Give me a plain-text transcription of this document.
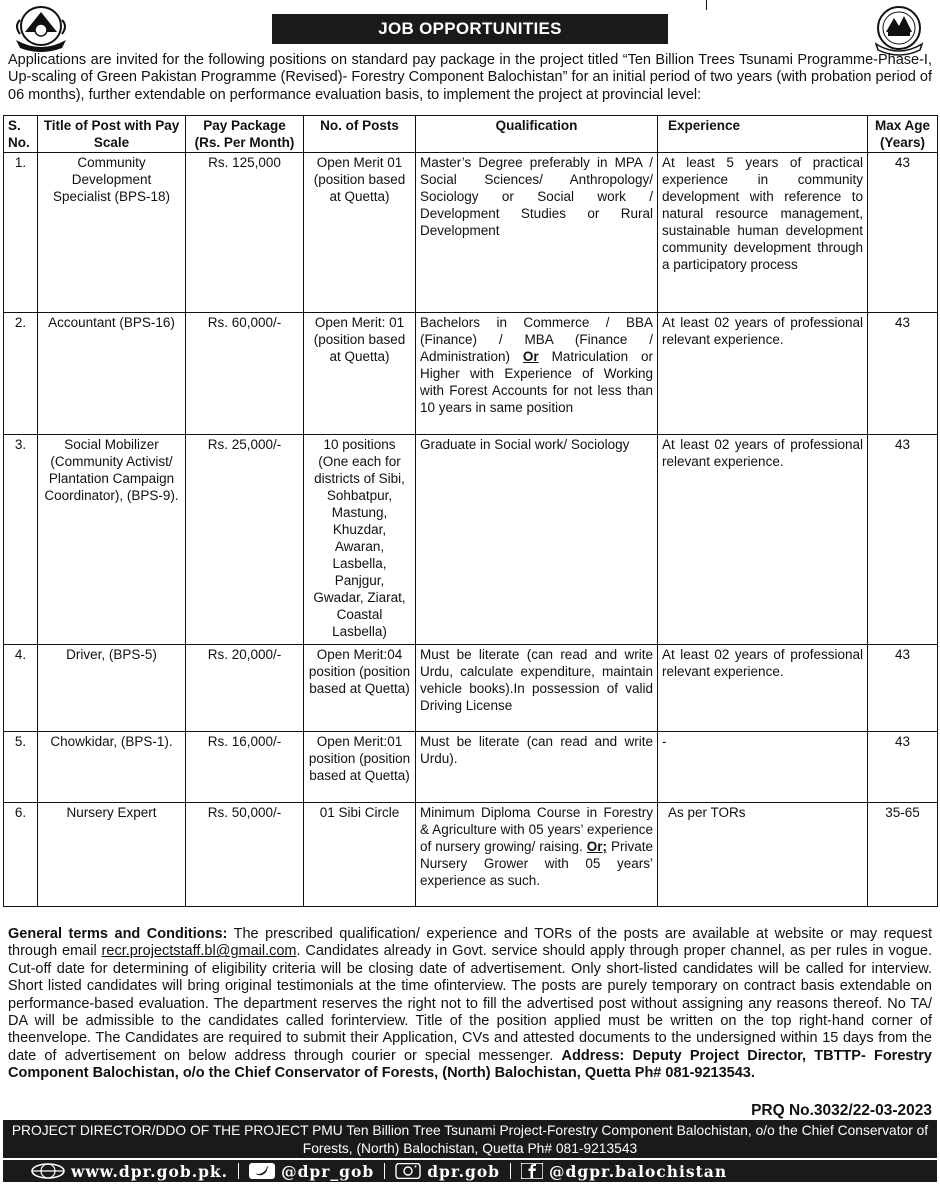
JOB OPPORTUNITIES

Applications are invited for the following positions on standard pay package in the project titled “Ten Billion Trees Tsunami Programme-Phase-I, Up-scaling of Green Pakistan Programme (Revised)- Forestry Component Balochistan” for an initial period of two years (with probation period of 06 months), further extendable on performance evaluation basis, to implement the project at provincial level:

S. No.	Title of Post with Pay Scale	Pay Package (Rs. Per Month)	No. of Posts	Qualification	Experience	Max Age (Years)
1.	Community Development Specialist (BPS-18)	Rs. 125,000	Open Merit 01 (position based at Quetta)	Master’s Degree preferably in MPA / Social Sciences/ Anthropology/ Sociology or Social work / Development Studies or Rural Development	At least 5 years of practical experience in community development with reference to natural resource management, sustainable human development community development through a participatory process	43
2.	Accountant (BPS-16)	Rs. 60,000/-	Open Merit: 01 (position based at Quetta)	Bachelors in Commerce / BBA (Finance) / MBA (Finance / Administration) Or Matriculation or Higher with Experience of Working with Forest Accounts for not less than 10 years in same position	At least 02 years of professional relevant experience.	43
3.	Social Mobilizer (Community Activist/ Plantation Campaign Coordinator), (BPS-9).	Rs. 25,000/-	10 positions (One each for districts of Sibi, Sohbatpur, Mastung, Khuzdar, Awaran, Lasbella, Panjgur, Gwadar, Ziarat, Coastal Lasbella)	Graduate in Social work/ Sociology	At least 02 years of professional relevant experience.	43
4.	Driver, (BPS-5)	Rs. 20,000/-	Open Merit:04 position (position based at Quetta)	Must be literate (can read and write Urdu, calculate expenditure, maintain vehicle books).In possession of valid Driving License	At least 02 years of professional relevant experience.	43
5.	Chowkidar, (BPS-1).	Rs. 16,000/-	Open Merit:01 position (position based at Quetta)	Must be literate (can read and write Urdu).	-	43
6.	Nursery Expert	Rs. 50,000/-	01 Sibi Circle	Minimum Diploma Course in Forestry & Agriculture with 05 years’ experience of nursery growing/ raising. Or; Private Nursery Grower with 05 years’ experience as such.	As per TORs	35-65

General terms and Conditions: The prescribed qualification/ experience and TORs of the posts are available at website or may request through email recr.projectstaff.bl@gmail.com. Candidates already in Govt. service should apply through proper channel, as per rules in vogue. Cut-off date for determining of eligibility criteria will be closing date of advertisement. Only short-listed candidates will be called for interview. Short listed candidates will bring original testimonials at the time ofinterview. The posts are purely temporary on contract basis extendable on performance-based evaluation. The department reserves the right not to fill the advertised post without assigning any reasons thereof. No TA/ DA will be admissible to the candidates called forinterview. Title of the position applied must be written on the top right-hand corner of theenvelope. The Candidates are required to submit their Application, CVs and attested documents to the undersigned within 15 days from the date of advertisement on below address through courier or special messenger. Address: Deputy Project Director, TBTTP- Forestry Component Balochistan, o/o the Chief Conservator of Forests, (North) Balochistan, Quetta Ph# 081-9213543.

PRQ No.3032/22-03-2023
PROJECT DIRECTOR/DDO OF THE PROJECT PMU Ten Billion Tree Tsunami Project-Forestry Component Balochistan, o/o the Chief Conservator of Forests, (North) Balochistan, Quetta Ph# 081-9213543
www.dpr.gob.pk.	@dpr_gob	dpr.gob	@dgpr.balochistan
